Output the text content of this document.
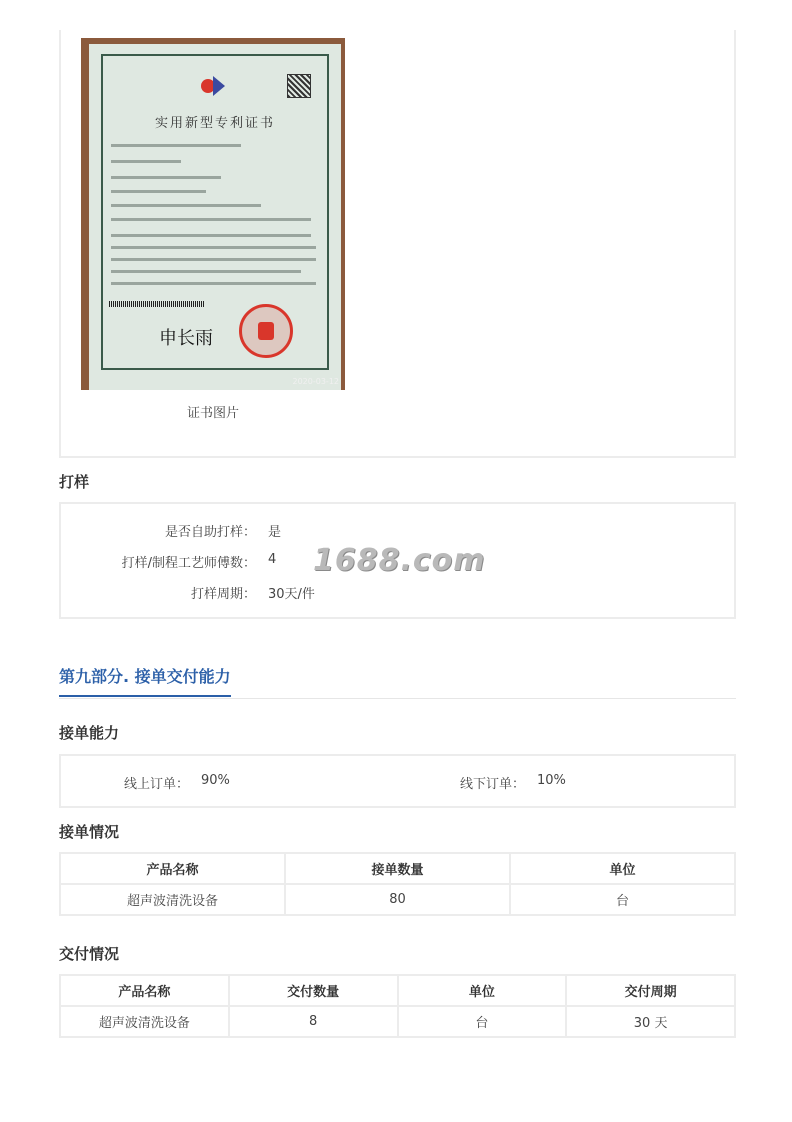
实用新型专利证书
申长雨
2020-03-12
证书图片
打样
是否自助打样： 是
打样/制程工艺师傅数： 4
打样周期： 30天/件
1688.com
第九部分. 接单交付能力
接单能力
线上订单： 90%	线下订单： 10%
接单情况
产品名称	接单数量	单位
超声波清洗设备	80	台
交付情况
产品名称	交付数量	单位	交付周期
超声波清洗设备	8	台	30 天
